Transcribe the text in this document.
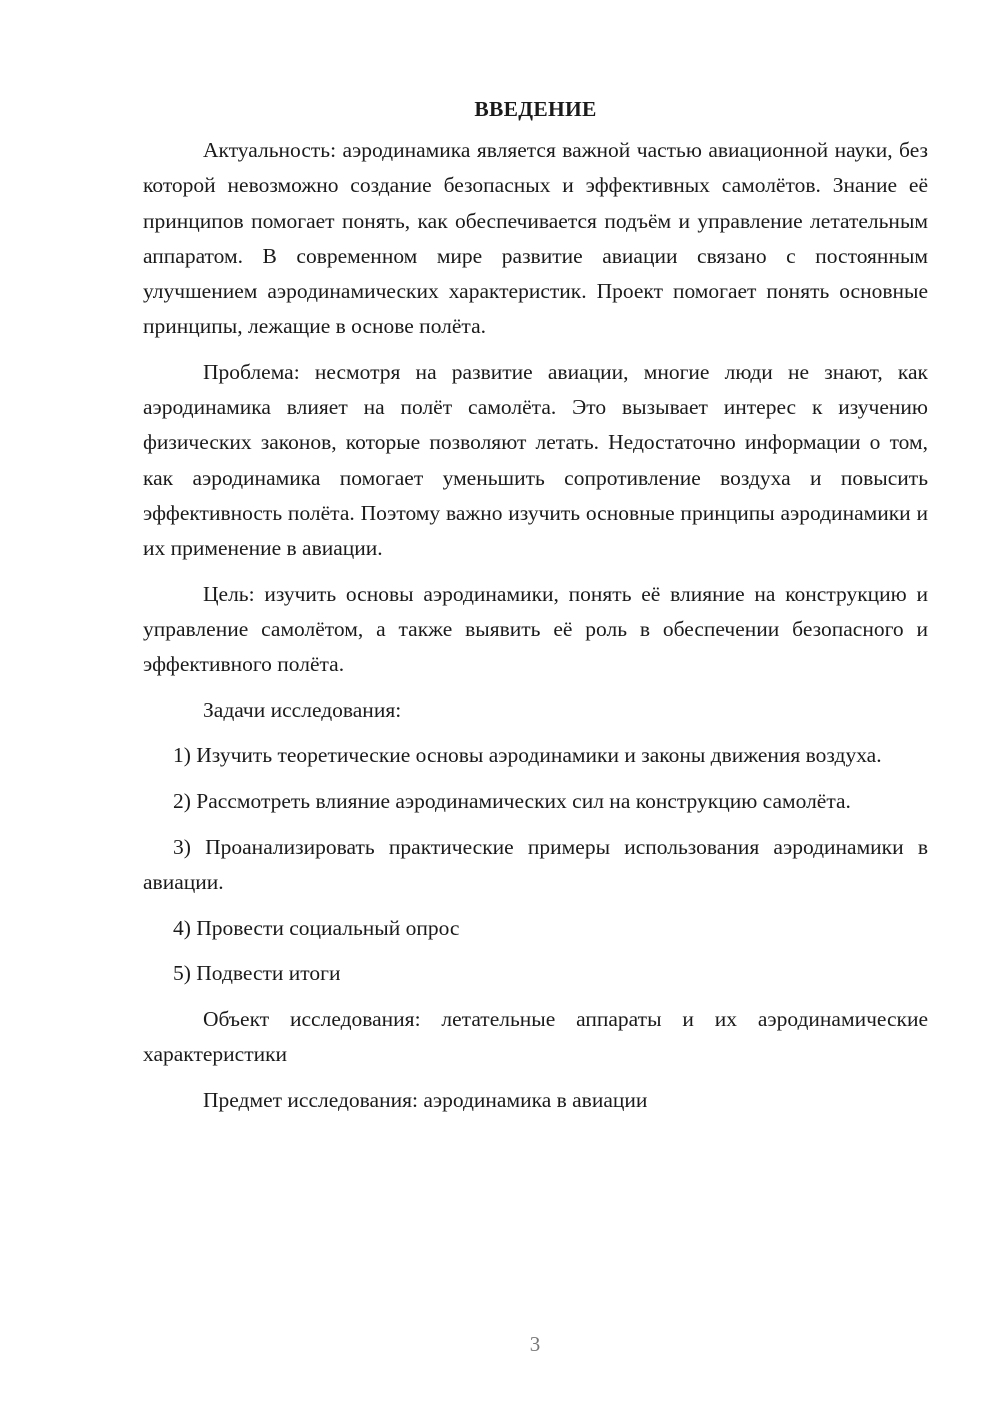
ВВЕДЕНИЕ

Актуальность: аэродинамика является важной частью авиационной науки, без которой невозможно создание безопасных и эффективных самолётов. Знание её принципов помогает понять, как обеспечивается подъём и управление летательным аппаратом. В современном мире развитие авиации связано с постоянным улучшением аэродинамических характеристик. Проект помогает понять основные принципы, лежащие в основе полёта.

Проблема: несмотря на развитие авиации, многие люди не знают, как аэродинамика влияет на полёт самолёта. Это вызывает интерес к изучению физических законов, которые позволяют летать. Недостаточно информации о том, как аэродинамика помогает уменьшить сопротивление воздуха и повысить эффективность полёта. Поэтому важно изучить основные принципы аэродинамики и их применение в авиации.

Цель: изучить основы аэродинамики, понять её влияние на конструкцию и управление самолётом, а также выявить её роль в обеспечении безопасного и эффективного полёта.

Задачи исследования:

1) Изучить теоретические основы аэродинамики и законы движения воздуха.

2) Рассмотреть влияние аэродинамических сил на конструкцию самолёта.

3) Проанализировать практические примеры использования аэродинамики в авиации.

4) Провести социальный опрос

5) Подвести итоги

Объект исследования: летательные аппараты и их аэродинамические характеристики

Предмет исследования: аэродинамика в авиации

3
